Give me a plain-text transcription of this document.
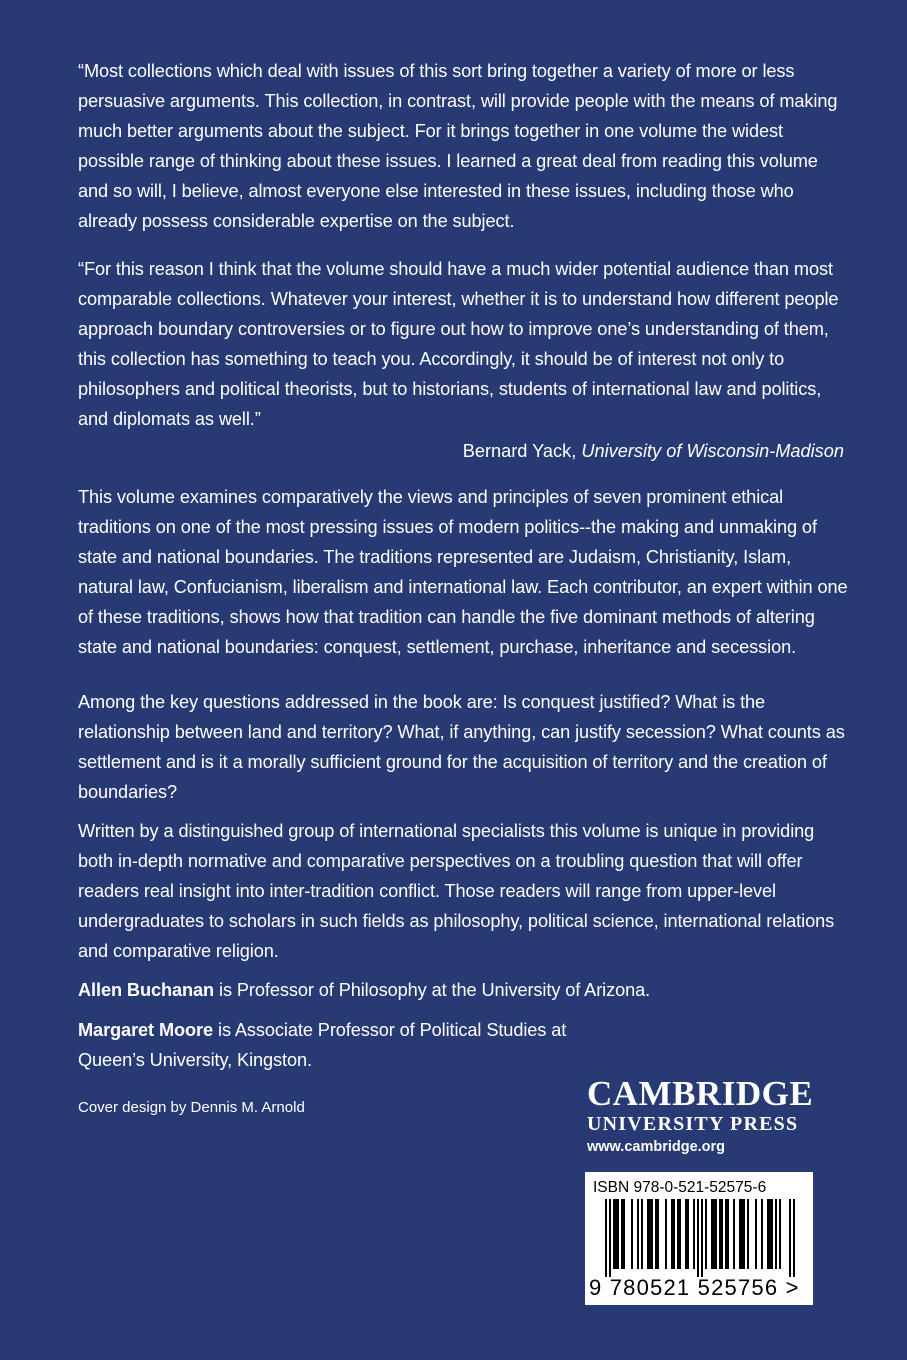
“Most collections which deal with issues of this sort bring together a variety of more or less persuasive arguments. This collection, in contrast, will provide people with the means of making much better arguments about the subject. For it brings together in one volume the widest possible range of thinking about these issues. I learned a great deal from reading this volume and so will, I believe, almost everyone else interested in these issues, including those who already possess considerable expertise on the subject.

“For this reason I think that the volume should have a much wider potential audience than most comparable collections. Whatever your interest, whether it is to understand how different people approach boundary controversies or to figure out how to improve one’s understanding of them, this collection has something to teach you. Accordingly, it should be of interest not only to philosophers and political theorists, but to historians, students of international law and politics, and diplomats as well.”

Bernard Yack, University of Wisconsin-Madison

This volume examines comparatively the views and principles of seven prominent ethical traditions on one of the most pressing issues of modern politics--the making and unmaking of state and national boundaries. The traditions represented are Judaism, Christianity, Islam, natural law, Confucianism, liberalism and international law. Each contributor, an expert within one of these traditions, shows how that tradition can handle the five dominant methods of altering state and national boundaries: conquest, settlement, purchase, inheritance and secession.

Among the key questions addressed in the book are: Is conquest justified? What is the relationship between land and territory? What, if anything, can justify secession? What counts as settlement and is it a morally sufficient ground for the acquisition of territory and the creation of boundaries?

Written by a distinguished group of international specialists this volume is unique in providing both in-depth normative and comparative perspectives on a troubling question that will offer readers real insight into inter-tradition conflict. Those readers will range from upper-level undergraduates to scholars in such fields as philosophy, political science, international relations and comparative religion.

Allen Buchanan is Professor of Philosophy at the University of Arizona.

Margaret Moore is Associate Professor of Political Studies at Queen’s University, Kingston.

Cover design by Dennis M. Arnold	CAMBRIDGE
UNIVERSITY PRESS
www.cambridge.org
ISBN 978-0-521-52575-6
9 780521 525756 >
